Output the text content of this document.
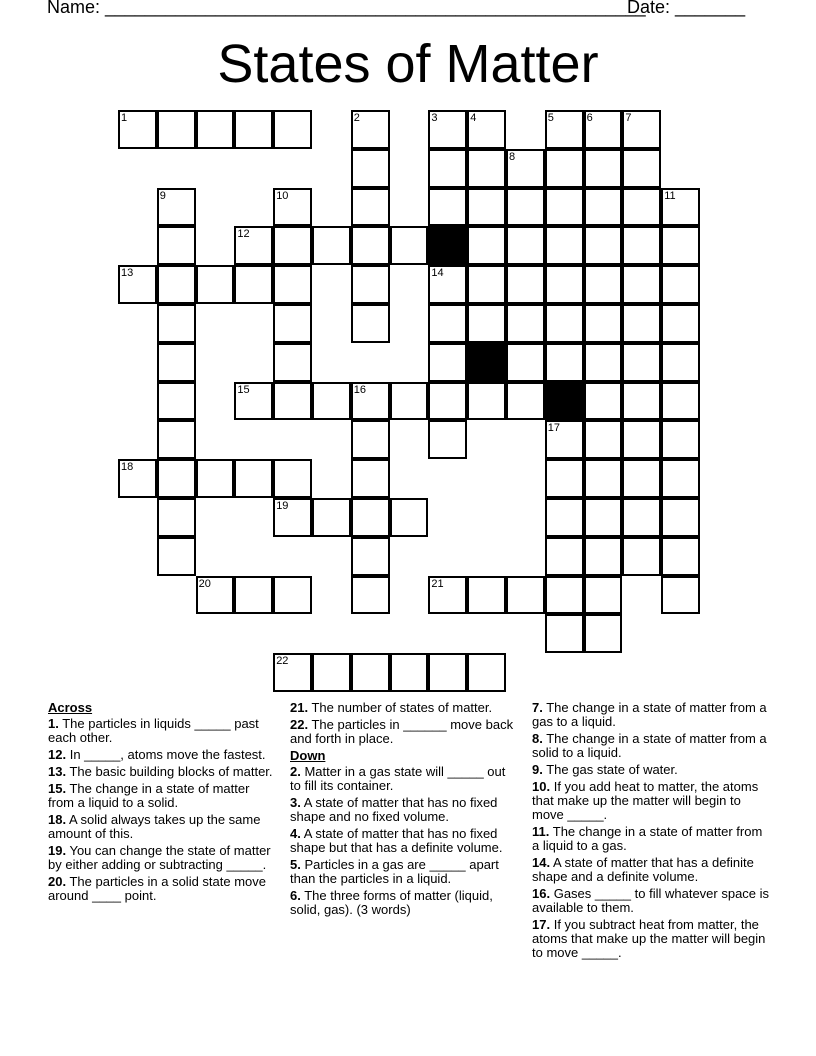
Name: ______________________________________________________
Date: _______
States of Matter
1	2	3	4	5	6	7
8
9	10	11
12
13	14
15	16
17
18
19
20	21
22
Across
1. The particles in liquids _____ past each other.
12. In _____, atoms move the fastest.
13. The basic building blocks of matter.
15. The change in a state of matter from a liquid to a solid.
18. A solid always takes up the same amount of this.
19. You can change the state of matter by either adding or subtracting _____.
20. The particles in a solid state move around ____ point.
21. The number of states of matter.
22. The particles in ______ move back and forth in place.
Down
2. Matter in a gas state will _____ out to fill its container.
3. A state of matter that has no fixed shape and no fixed volume.
4. A state of matter that has no fixed shape but that has a definite volume.
5. Particles in a gas are _____ apart than the particles in a liquid.
6. The three forms of matter (liquid, solid, gas). (3 words)
7. The change in a state of matter from a gas to a liquid.
8. The change in a state of matter from a solid to a liquid.
9. The gas state of water.
10. If you add heat to matter, the atoms that make up the matter will begin to move _____.
11. The change in a state of matter from a liquid to a gas.
14. A state of matter that has a definite shape and a definite volume.
16. Gases _____ to fill whatever space is available to them.
17. If you subtract heat from matter, the atoms that make up the matter will begin to move _____.
